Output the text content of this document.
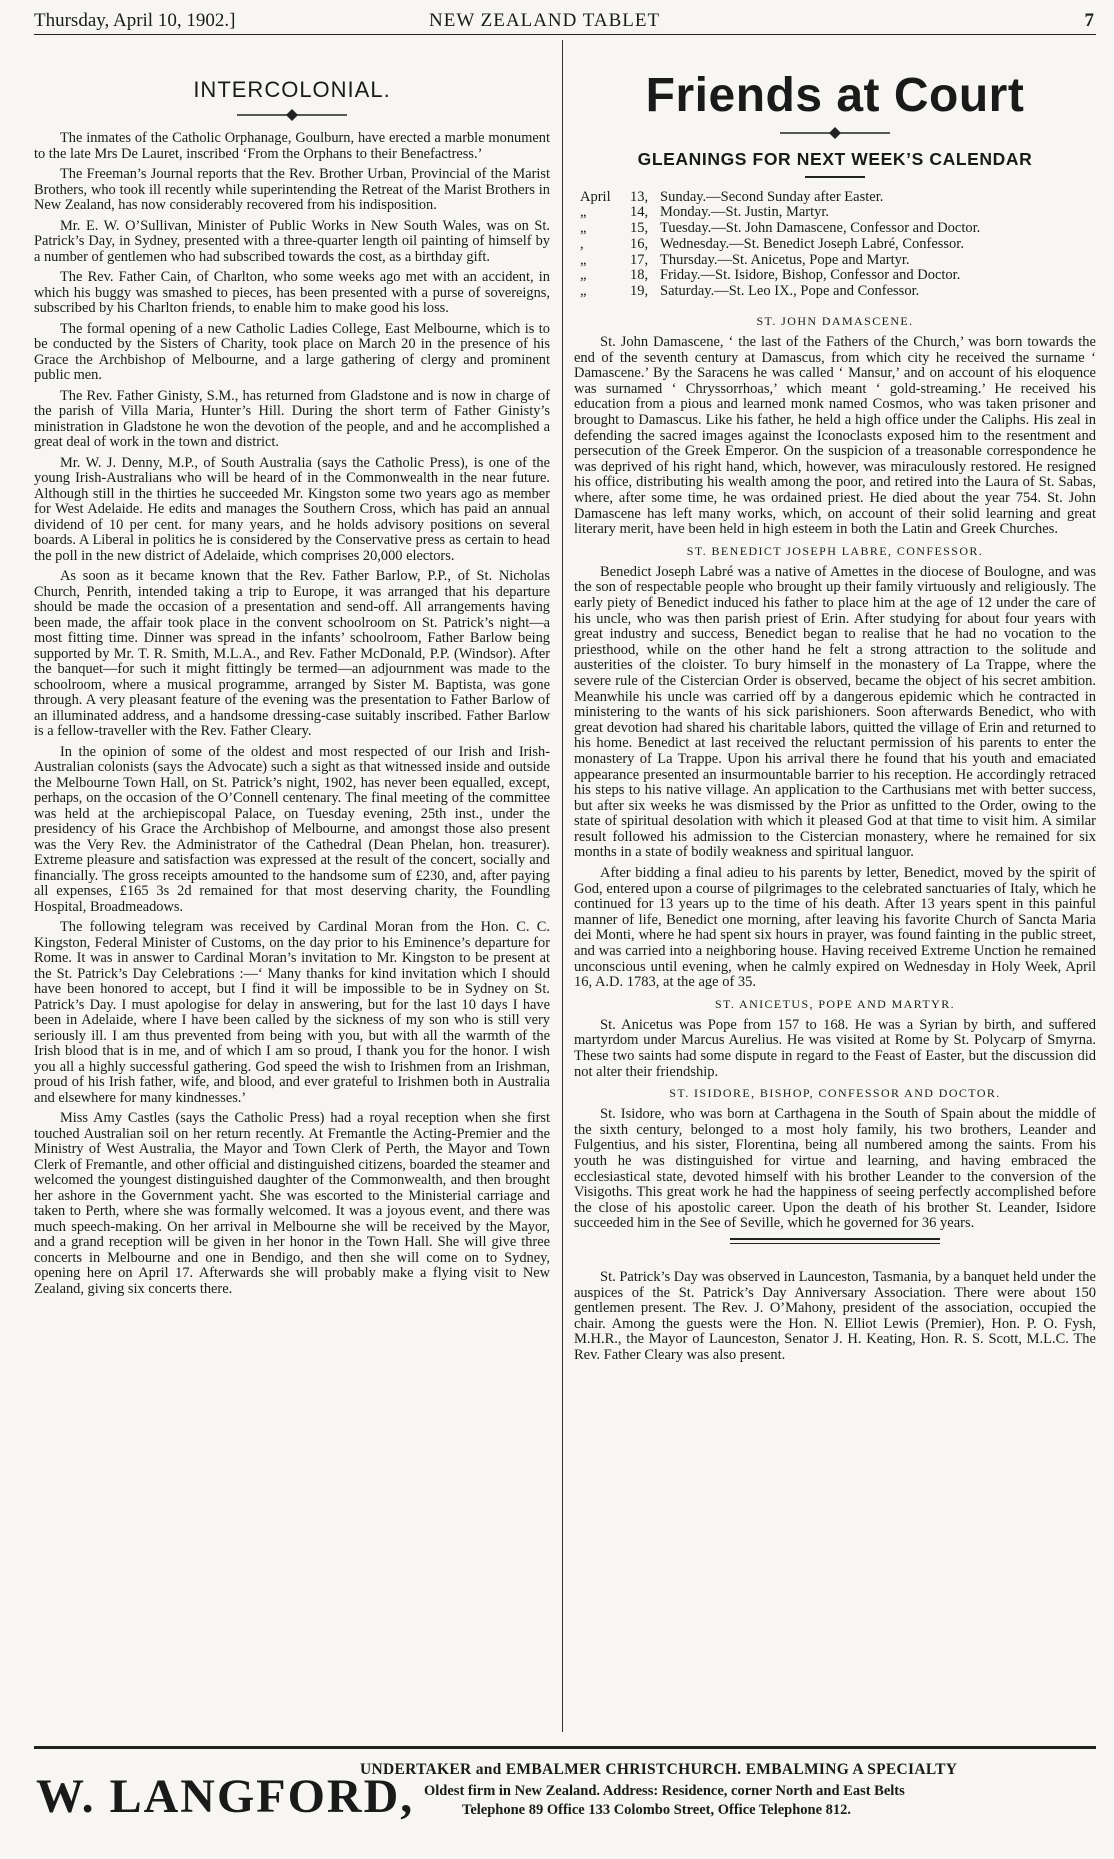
Thursday, April 10, 1902.]	NEW ZEALAND TABLET	7
INTERCOLONIAL.

The inmates of the Catholic Orphanage, Goulburn, have erected a marble monument to the late Mrs De Lauret, inscribed ‘From the Orphans to their Benefactress.’

The Freeman’s Journal reports that the Rev. Brother Urban, Provincial of the Marist Brothers, who took ill recently while superintending the Retreat of the Marist Brothers in New Zealand, has now considerably recovered from his indisposition.

Mr. E. W. O’Sullivan, Minister of Public Works in New South Wales, was on St. Patrick’s Day, in Sydney, presented with a three-quarter length oil painting of himself by a number of gentlemen who had subscribed towards the cost, as a birthday gift.

The Rev. Father Cain, of Charlton, who some weeks ago met with an accident, in which his buggy was smashed to pieces, has been presented with a purse of sovereigns, subscribed by his Charlton friends, to enable him to make good his loss.

The formal opening of a new Catholic Ladies College, East Melbourne, which is to be conducted by the Sisters of Charity, took place on March 20 in the presence of his Grace the Archbishop of Melbourne, and a large gathering of clergy and prominent public men.

The Rev. Father Ginisty, S.M., has returned from Gladstone and is now in charge of the parish of Villa Maria, Hunter’s Hill. During the short term of Father Ginisty’s ministration in Gladstone he won the devotion of the people, and and he accomplished a great deal of work in the town and district.

Mr. W. J. Denny, M.P., of South Australia (says the Catholic Press), is one of the young Irish-Australians who will be heard of in the Commonwealth in the near future. Although still in the thirties he succeeded Mr. Kingston some two years ago as member for West Adelaide. He edits and manages the Southern Cross, which has paid an annual dividend of 10 per cent. for many years, and he holds advisory positions on several boards. A Liberal in politics he is considered by the Conservative press as certain to head the poll in the new district of Adelaide, which comprises 20,000 electors.

As soon as it became known that the Rev. Father Barlow, P.P., of St. Nicholas Church, Penrith, intended taking a trip to Europe, it was arranged that his departure should be made the occasion of a presentation and send-off. All arrangements having been made, the affair took place in the convent schoolroom on St. Patrick’s night—a most fitting time. Dinner was spread in the infants’ schoolroom, Father Barlow being supported by Mr. T. R. Smith, M.L.A., and Rev. Father McDonald, P.P. (Windsor). After the banquet—for such it might fittingly be termed—an adjournment was made to the schoolroom, where a musical programme, arranged by Sister M. Baptista, was gone through. A very pleasant feature of the evening was the presentation to Father Barlow of an illuminated address, and a handsome dressing-case suitably inscribed. Father Barlow is a fellow-traveller with the Rev. Father Cleary.

In the opinion of some of the oldest and most respected of our Irish and Irish-Australian colonists (says the Advocate) such a sight as that witnessed inside and outside the Melbourne Town Hall, on St. Patrick’s night, 1902, has never been equalled, except, perhaps, on the occasion of the O’Connell centenary. The final meeting of the committee was held at the archiepiscopal Palace, on Tuesday evening, 25th inst., under the presidency of his Grace the Archbishop of Melbourne, and amongst those also present was the Very Rev. the Administrator of the Cathedral (Dean Phelan, hon. treasurer). Extreme pleasure and satisfaction was expressed at the result of the concert, socially and financially. The gross receipts amounted to the handsome sum of £230, and, after paying all expenses, £165 3s 2d remained for that most deserving charity, the Foundling Hospital, Broadmeadows.

The following telegram was received by Cardinal Moran from the Hon. C. C. Kingston, Federal Minister of Customs, on the day prior to his Eminence’s departure for Rome. It was in answer to Cardinal Moran’s invitation to Mr. Kingston to be present at the St. Patrick’s Day Celebrations :—‘ Many thanks for kind invitation which I should have been honored to accept, but I find it will be impossible to be in Sydney on St. Patrick’s Day. I must apologise for delay in answering, but for the last 10 days I have been in Adelaide, where I have been called by the sickness of my son who is still very seriously ill. I am thus prevented from being with you, but with all the warmth of the Irish blood that is in me, and of which I am so proud, I thank you for the honor. I wish you all a highly successful gathering. God speed the wish to Irishmen from an Irishman, proud of his Irish father, wife, and blood, and ever grateful to Irishmen both in Australia and elsewhere for many kindnesses.’

Miss Amy Castles (says the Catholic Press) had a royal reception when she first touched Australian soil on her return recently. At Fremantle the Acting-Premier and the Ministry of West Australia, the Mayor and Town Clerk of Perth, the Mayor and Town Clerk of Fremantle, and other official and distinguished citizens, boarded the steamer and welcomed the youngest distinguished daughter of the Commonwealth, and then brought her ashore in the Government yacht. She was escorted to the Ministerial carriage and taken to Perth, where she was formally welcomed. It was a joyous event, and there was much speech-making. On her arrival in Melbourne she will be received by the Mayor, and a grand reception will be given in her honor in the Town Hall. She will give three concerts in Melbourne and one in Bendigo, and then she will come on to Sydney, opening here on April 17. Afterwards she will probably make a flying visit to New Zealand, giving six concerts there.

Friends at Court
GLEANINGS FOR NEXT WEEK’S CALENDAR
April	13,	Sunday.—Second Sunday after Easter.
„	14,	Monday.—St. Justin, Martyr.
„	15,	Tuesday.—St. John Damascene, Confessor and Doctor.
,	16,	Wednesday.—St. Benedict Joseph Labré, Confessor.
„	17,	Thursday.—St. Anicetus, Pope and Martyr.
„	18,	Friday.—St. Isidore, Bishop, Confessor and Doctor.
„	19,	Saturday.—St. Leo IX., Pope and Confessor.
ST. JOHN DAMASCENE.

St. John Damascene, ‘ the last of the Fathers of the Church,’ was born towards the end of the seventh century at Damascus, from which city he received the surname ‘ Damascene.’ By the Saracens he was called ‘ Mansur,’ and on account of his eloquence was surnamed ‘ Chryssorrhoas,’ which meant ‘ gold-streaming.’ He received his education from a pious and learned monk named Cosmos, who was taken prisoner and brought to Damascus. Like his father, he held a high office under the Caliphs. His zeal in defending the sacred images against the Iconoclasts exposed him to the resentment and persecution of the Greek Emperor. On the suspicion of a treasonable correspondence he was deprived of his right hand, which, however, was miraculously restored. He resigned his office, distributing his wealth among the poor, and retired into the Laura of St. Sabas, where, after some time, he was ordained priest. He died about the year 754. St. John Damascene has left many works, which, on account of their solid learning and great literary merit, have been held in high esteem in both the Latin and Greek Churches.

ST. BENEDICT JOSEPH LABRE, CONFESSOR.

Benedict Joseph Labré was a native of Amettes in the diocese of Boulogne, and was the son of respectable people who brought up their family virtuously and religiously. The early piety of Benedict induced his father to place him at the age of 12 under the care of his uncle, who was then parish priest of Erin. After studying for about four years with great industry and success, Benedict began to realise that he had no vocation to the priesthood, while on the other hand he felt a strong attraction to the solitude and austerities of the cloister. To bury himself in the monastery of La Trappe, where the severe rule of the Cistercian Order is observed, became the object of his secret ambition. Meanwhile his uncle was carried off by a dangerous epidemic which he contracted in ministering to the wants of his sick parishioners. Soon afterwards Benedict, who with great devotion had shared his charitable labors, quitted the village of Erin and returned to his home. Benedict at last received the reluctant permission of his parents to enter the monastery of La Trappe. Upon his arrival there he found that his youth and emaciated appearance presented an insurmountable barrier to his reception. He accordingly retraced his steps to his native village. An application to the Carthusians met with better success, but after six weeks he was dismissed by the Prior as unfitted to the Order, owing to the state of spiritual desolation with which it pleased God at that time to visit him. A similar result followed his admission to the Cistercian monastery, where he remained for six months in a state of bodily weakness and spiritual languor.

After bidding a final adieu to his parents by letter, Benedict, moved by the spirit of God, entered upon a course of pilgrimages to the celebrated sanctuaries of Italy, which he continued for 13 years up to the time of his death. After 13 years spent in this painful manner of life, Benedict one morning, after leaving his favorite Church of Sancta Maria dei Monti, where he had spent six hours in prayer, was found fainting in the public street, and was carried into a neighboring house. Having received Extreme Unction he remained unconscious until evening, when he calmly expired on Wednesday in Holy Week, April 16, A.D. 1783, at the age of 35.

ST. ANICETUS, POPE AND MARTYR.

St. Anicetus was Pope from 157 to 168. He was a Syrian by birth, and suffered martyrdom under Marcus Aurelius. He was visited at Rome by St. Polycarp of Smyrna. These two saints had some dispute in regard to the Feast of Easter, but the discussion did not alter their friendship.

ST. ISIDORE, BISHOP, CONFESSOR AND DOCTOR.

St. Isidore, who was born at Carthagena in the South of Spain about the middle of the sixth century, belonged to a most holy family, his two brothers, Leander and Fulgentius, and his sister, Florentina, being all numbered among the saints. From his youth he was distinguished for virtue and learning, and having embraced the ecclesiastical state, devoted himself with his brother Leander to the conversion of the Visigoths. This great work he had the happiness of seeing perfectly accomplished before the close of his apostolic career. Upon the death of his brother St. Leander, Isidore succeeded him in the See of Seville, which he governed for 36 years.

St. Patrick’s Day was observed in Launceston, Tasmania, by a banquet held under the auspices of the St. Patrick’s Day Anniversary Association. There were about 150 gentlemen present. The Rev. J. O’Mahony, president of the association, occupied the chair. Among the guests were the Hon. N. Elliot Lewis (Premier), Hon. P. O. Fysh, M.H.R., the Mayor of Launceston, Senator J. H. Keating, Hon. R. S. Scott, M.L.C. The Rev. Father Cleary was also present.

W. LANGFORD,
UNDERTAKER and EMBALMER CHRISTCHURCH. EMBALMING A SPECIALTY
Oldest firm in New Zealand. Address: Residence, corner North and East Belts
Telephone 89 Office 133 Colombo Street, Office Telephone 812.
